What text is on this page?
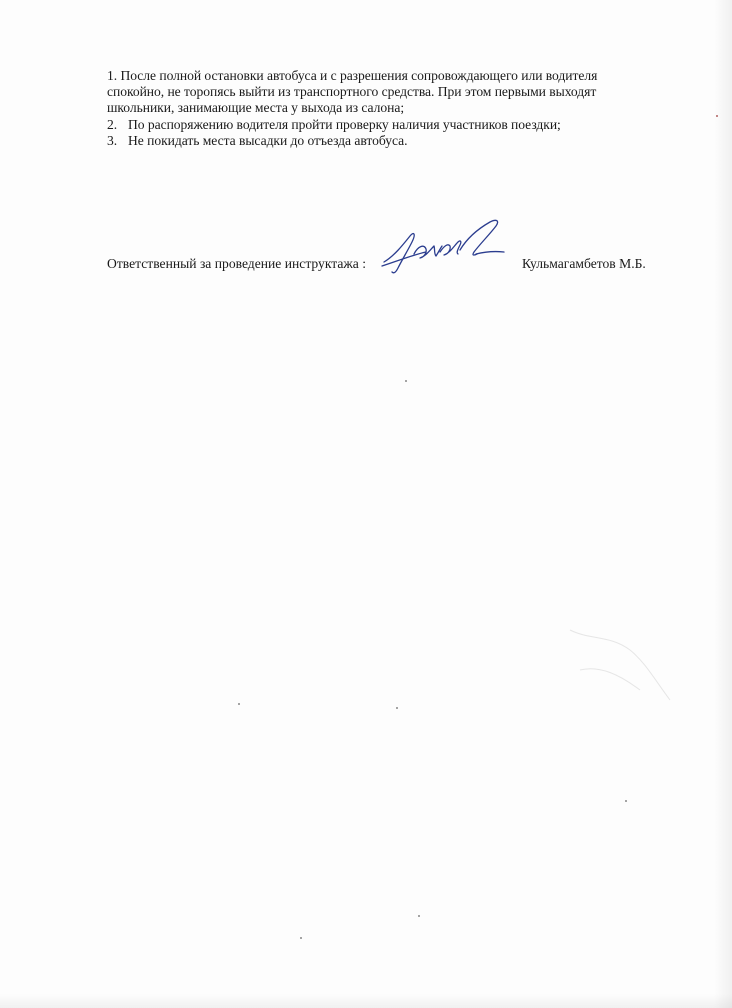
1. После полной остановки автобуса и с разрешения сопровождающего или водителя
спокойно, не торопясь выйти из транспортного средства. При этом первыми выходят
школьники, занимающие места у выхода из салона;
2. По распоряжению водителя пройти проверку наличия участников поездки;
3. Не покидать места высадки до отъезда автобуса.
Ответственный за проведение инструктажа :	Кульмагамбетов М.Б.
